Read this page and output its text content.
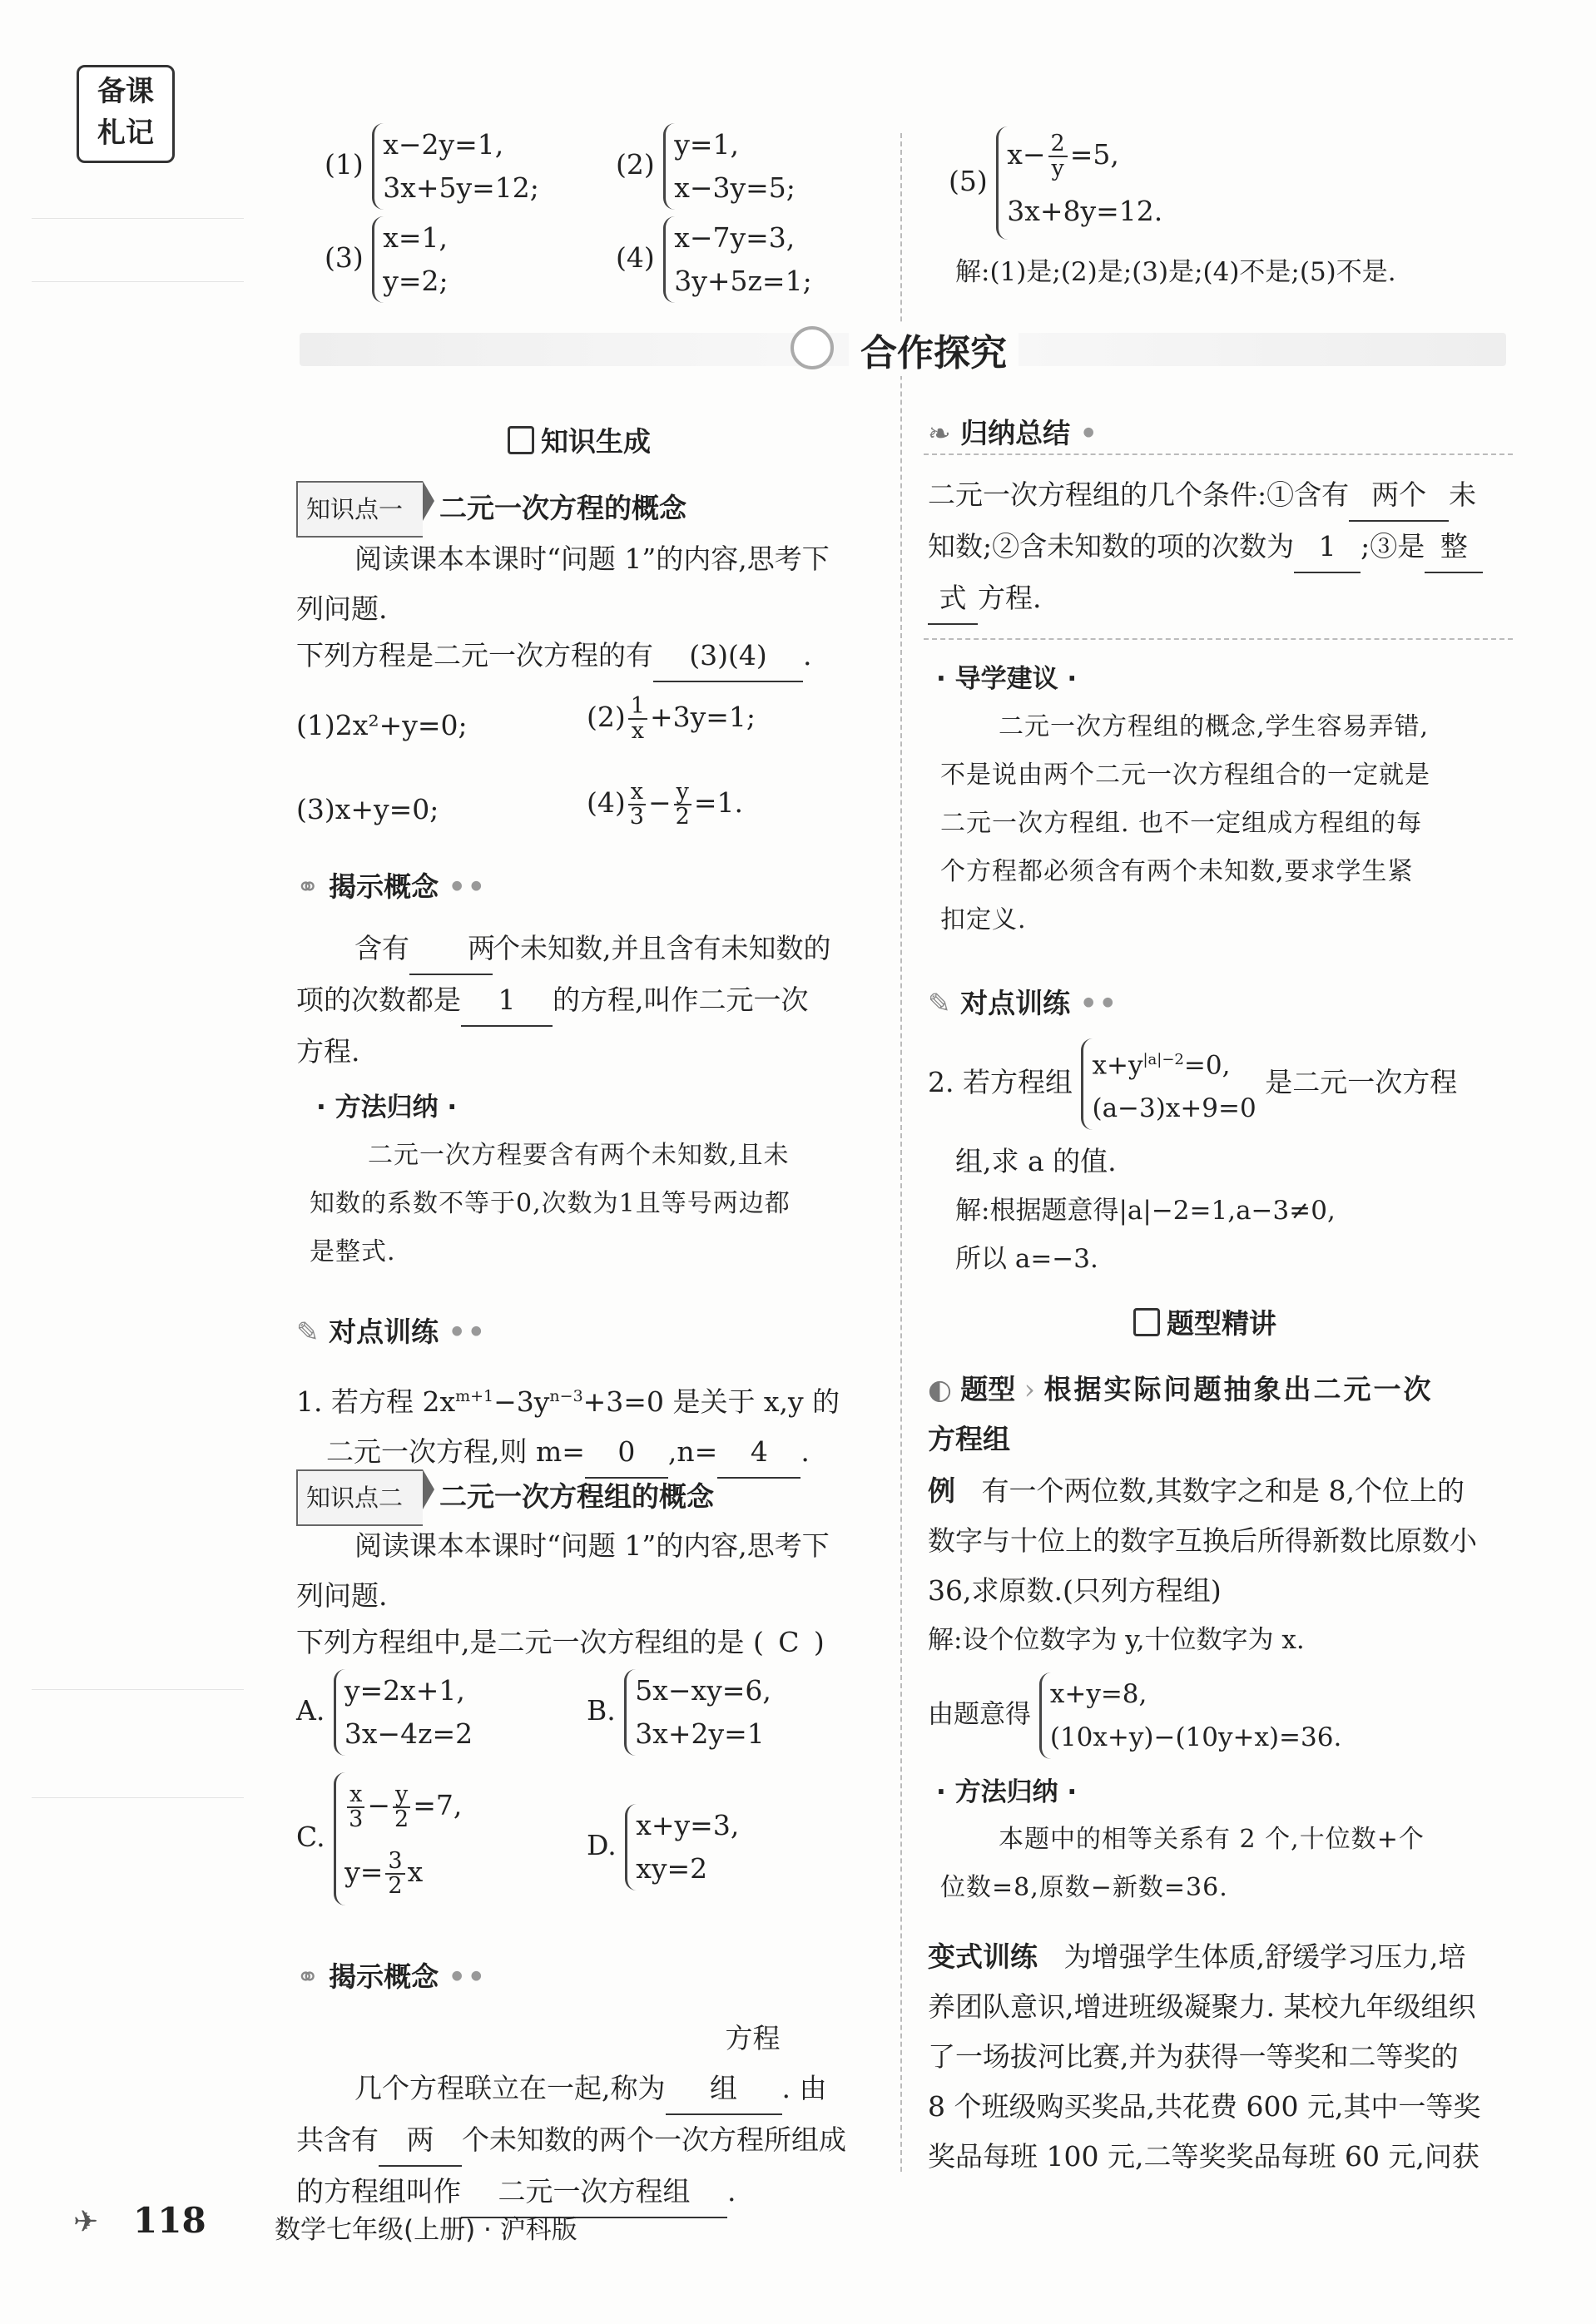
备课
札记
(1)
x−2y=1,
3x+5y=12;
(2)
y=1,
x−3y=5;
(3)
x=1,
y=2;
(4)
x−7y=3,
3y+5z=1;
(5)
$x- \frac{2}{y} =5$,
3x+8y=12.
解:(1)是;(2)是;(3)是;(4)不是;(5)不是.
合作探究
知识生成
知识点一 二元一次方程的概念
阅读课本本课时“问题 1”的内容,思考下
列问题.
下列方程是二元一次方程的有 (3)(4) .
(1)2x²+y=0;	$(2) \frac{1}{x} +3y=1$;
(3)x+y=0;	$(4) \frac{x}{3} - \frac{y}{2} =1$.
⚭ 揭示概念 ••
含有 两个未知数,并且含有未知数的
项的次数都是 1 的方程,叫作二元一次
方程.
· 方法归纳 ·
二元一次方程要含有两个未知数,且未
知数的系数不等于0,次数为1且等号两边都
是整式.
✎ 对点训练 ••
1. 若方程 $2x^{m+1}-3y^{n-3}+3=0$ 是关于 x,y 的
二元一次方程,则 m= 0 ,n= 4 .
知识点二 二元一次方程组的概念
阅读课本本课时“问题 1”的内容,思考下
列问题.
下列方程组中,是二元一次方程组的是 ( C )
A.
y=2x+1,
3x−4z=2
B.
5x−xy=6,
3x+2y=1
C.
$\frac{x}{3} - \frac{y}{2} =7$,
$y= \frac{3}{2}$ x
D.
x+y=3,
xy=2
⚭ 揭示概念 ••
几个方程联立在一起,称为方程组 . 由
共含有 两 个未知数的两个一次方程所组成
的方程组叫作 二元一次方程组 .
❧ 归纳总结 •
二元一次方程组的几个条件:①含有 两个 未
知数;②含未知数的项的次数为 1 ;③是 整
式 方程.
· 导学建议 ·
二元一次方程组的概念,学生容易弄错,
不是说由两个二元一次方程组合的一定就是
二元一次方程组. 也不一定组成方程组的每
个方程都必须含有两个未知数,要求学生紧
扣定义.
✎ 对点训练 ••
2. 若方程组
$x+y^{|a|-2}=0$,
(a−3)x+9=0
是二元一次方程
组,求 a 的值.
解:根据题意得|a|−2=1,a−3≠0,
所以 a=−3.
题型精讲
◐ 题型 › 根据实际问题抽象出二元一次
方程组
例 有一个两位数,其数字之和是 8,个位上的
数字与十位上的数字互换后所得新数比原数小
36,求原数.(只列方程组)
解:设个位数字为 y,十位数字为 x.
由题意得
x+y=8,
(10x+y)−(10y+x)=36.
· 方法归纳 ·
本题中的相等关系有 2 个,十位数+个
位数=8,原数−新数=36.
变式训练 为增强学生体质,舒缓学习压力,培
养团队意识,增进班级凝聚力. 某校九年级组织
了一场拔河比赛,并为获得一等奖和二等奖的
8 个班级购买奖品,共花费 600 元,其中一等奖
奖品每班 100 元,二等奖奖品每班 60 元,问获
✈ 118	数学七年级(上册) · 沪科版
